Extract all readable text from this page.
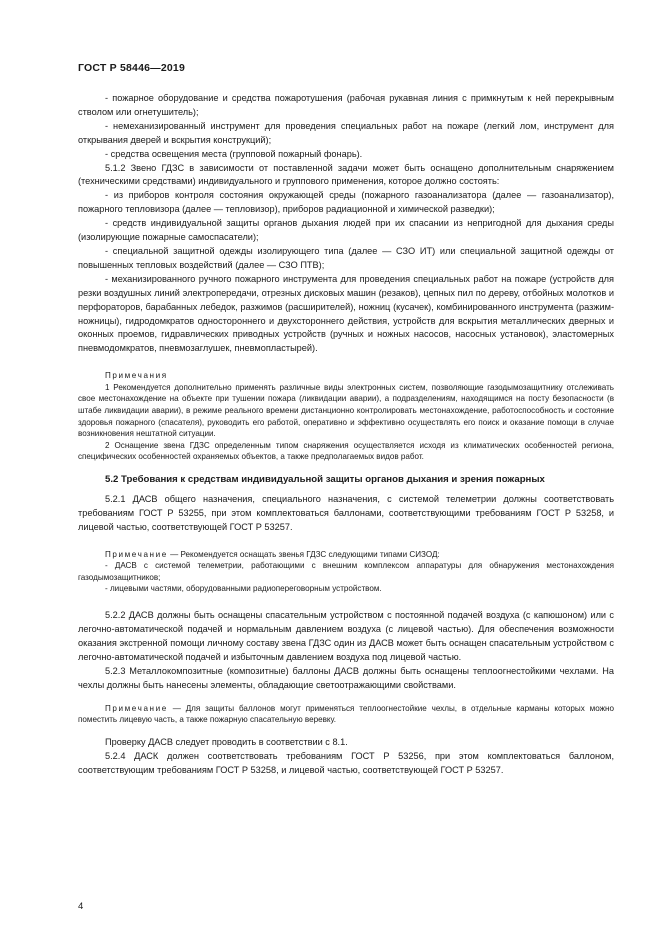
ГОСТ Р 58446—2019

- пожарное оборудование и средства пожаротушения (рабочая рукавная линия с примкнутым к ней перекрывным стволом или огнетушитель);

- немеханизированный инструмент для проведения специальных работ на пожаре (легкий лом, инструмент для открывания дверей и вскрытия конструкций);

- средства освещения места (групповой пожарный фонарь).

5.1.2 Звено ГДЗС в зависимости от поставленной задачи может быть оснащено дополнительным снаряжением (техническими средствами) индивидуального и группового применения, которое должно состоять:

- из приборов контроля состояния окружающей среды (пожарного газоанализатора (далее — газоанализатор), пожарного тепловизора (далее — тепловизор), приборов радиационной и химической разведки);

- средств индивидуальной защиты органов дыхания людей при их спасании из непригодной для дыхания среды (изолирующие пожарные самоспасатели);

- специальной защитной одежды изолирующего типа (далее — СЗО ИТ) или специальной защитной одежды от повышенных тепловых воздействий (далее — СЗО ПТВ);

- механизированного ручного пожарного инструмента для проведения специальных работ на пожаре (устройств для резки воздушных линий электропередачи, отрезных дисковых машин (резаков), цепных пил по дереву, отбойных молотков и перфораторов, барабанных лебедок, разжимов (расширителей), ножниц (кусачек), комбинированного инструмента (разжим-ножницы), гидродомкратов одностороннего и двухстороннего действия, устройств для вскрытия металлических дверных и оконных проемов, гидравлических приводных устройств (ручных и ножных насосов, насосных установок), эластомерных пневмодомкратов, пневмозаглушек, пневмопластырей).

Примечания

1 Рекомендуется дополнительно применять различные виды электронных систем, позволяющие газодымозащитнику отслеживать свое местонахождение на объекте при тушении пожара (ликвидации аварии), а подразделениям, находящимся на посту безопасности (в штабе ликвидации аварии), в режиме реального времени дистанционно контролировать местонахождение, работоспособность и состояние здоровья пожарного (спасателя), руководить его работой, оперативно и эффективно осуществлять его поиск и оказание помощи в случае возникновения нештатной ситуации.

2 Оснащение звена ГДЗС определенным типом снаряжения осуществляется исходя из климатических особенностей региона, специфических особенностей охраняемых объектов, а также предполагаемых видов работ.

5.2 Требования к средствам индивидуальной защиты органов дыхания и зрения пожарных

5.2.1 ДАСВ общего назначения, специального назначения, с системой телеметрии должны соответствовать требованиям ГОСТ Р 53255, при этом комплектоваться баллонами, соответствующими требованиям ГОСТ Р 53258, и лицевой частью, соответствующей ГОСТ Р 53257.

Примечание — Рекомендуется оснащать звенья ГДЗС следующими типами СИЗОД:

- ДАСВ с системой телеметрии, работающими с внешним комплексом аппаратуры для обнаружения местонахождения газодымозащитников;

- лицевыми частями, оборудованными радиопереговорным устройством.

5.2.2 ДАСВ должны быть оснащены спасательным устройством с постоянной подачей воздуха (с капюшоном) или с легочно-автоматической подачей и нормальным давлением воздуха (с лицевой частью). Для обеспечения возможности оказания экстренной помощи личному составу звена ГДЗС один из ДАСВ может быть оснащен спасательным устройством с легочно-автоматической подачей и избыточным давлением воздуха под лицевой частью.

5.2.3 Металлокомпозитные (композитные) баллоны ДАСВ должны быть оснащены теплоогнестойкими чехлами. На чехлы должны быть нанесены элементы, обладающие светоотражающими свойствами.

Примечание — Для защиты баллонов могут применяться теплоогнестойкие чехлы, в отдельные карманы которых можно поместить лицевую часть, а также пожарную спасательную веревку.

Проверку ДАСВ следует проводить в соответствии с 8.1.

5.2.4 ДАСК должен соответствовать требованиям ГОСТ Р 53256, при этом комплектоваться баллоном, соответствующим требованиям ГОСТ Р 53258, и лицевой частью, соответствующей ГОСТ Р 53257.

4
